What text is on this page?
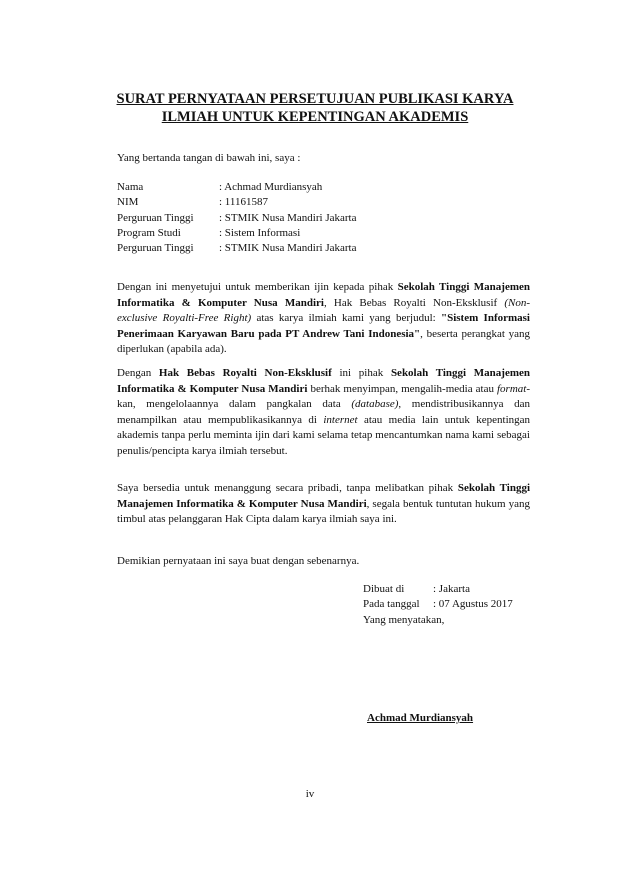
SURAT PERNYATAAN PERSETUJUAN PUBLIKASI KARYA
ILMIAH UNTUK KEPENTINGAN AKADEMIS
Yang bertanda tangan di bawah ini, saya :
Nama	: Achmad Murdiansyah
NIM	: 11161587
Perguruan Tinggi	: STMIK Nusa Mandiri Jakarta
Program Studi	: Sistem Informasi
Perguruan Tinggi	: STMIK Nusa Mandiri Jakarta
Dengan ini menyetujui untuk memberikan ijin kepada pihak Sekolah Tinggi Manajemen Informatika & Komputer Nusa Mandiri, Hak Bebas Royalti Non-Eksklusif (Non-exclusive Royalti-Free Right) atas karya ilmiah kami yang berjudul: "Sistem Informasi Penerimaan Karyawan Baru pada PT Andrew Tani Indonesia", beserta perangkat yang diperlukan (apabila ada).
Dengan Hak Bebas Royalti Non-Eksklusif ini pihak Sekolah Tinggi Manajemen Informatika & Komputer Nusa Mandiri berhak menyimpan, mengalih-media atau format-kan, mengelolaannya dalam pangkalan data (database), mendistribusikannya dan menampilkan atau mempublikasikannya di internet atau media lain untuk kepentingan akademis tanpa perlu meminta ijin dari kami selama tetap mencantumkan nama kami sebagai penulis/pencipta karya ilmiah tersebut.
Saya bersedia untuk menanggung secara pribadi, tanpa melibatkan pihak Sekolah Tinggi Manajemen Informatika & Komputer Nusa Mandiri, segala bentuk tuntutan hukum yang timbul atas pelanggaran Hak Cipta dalam karya ilmiah saya ini.
Demikian pernyataan ini saya buat dengan sebenarnya.
Dibuat di	: Jakarta
Pada tanggal	: 07 Agustus 2017
Yang menyatakan,
Achmad Murdiansyah
iv
